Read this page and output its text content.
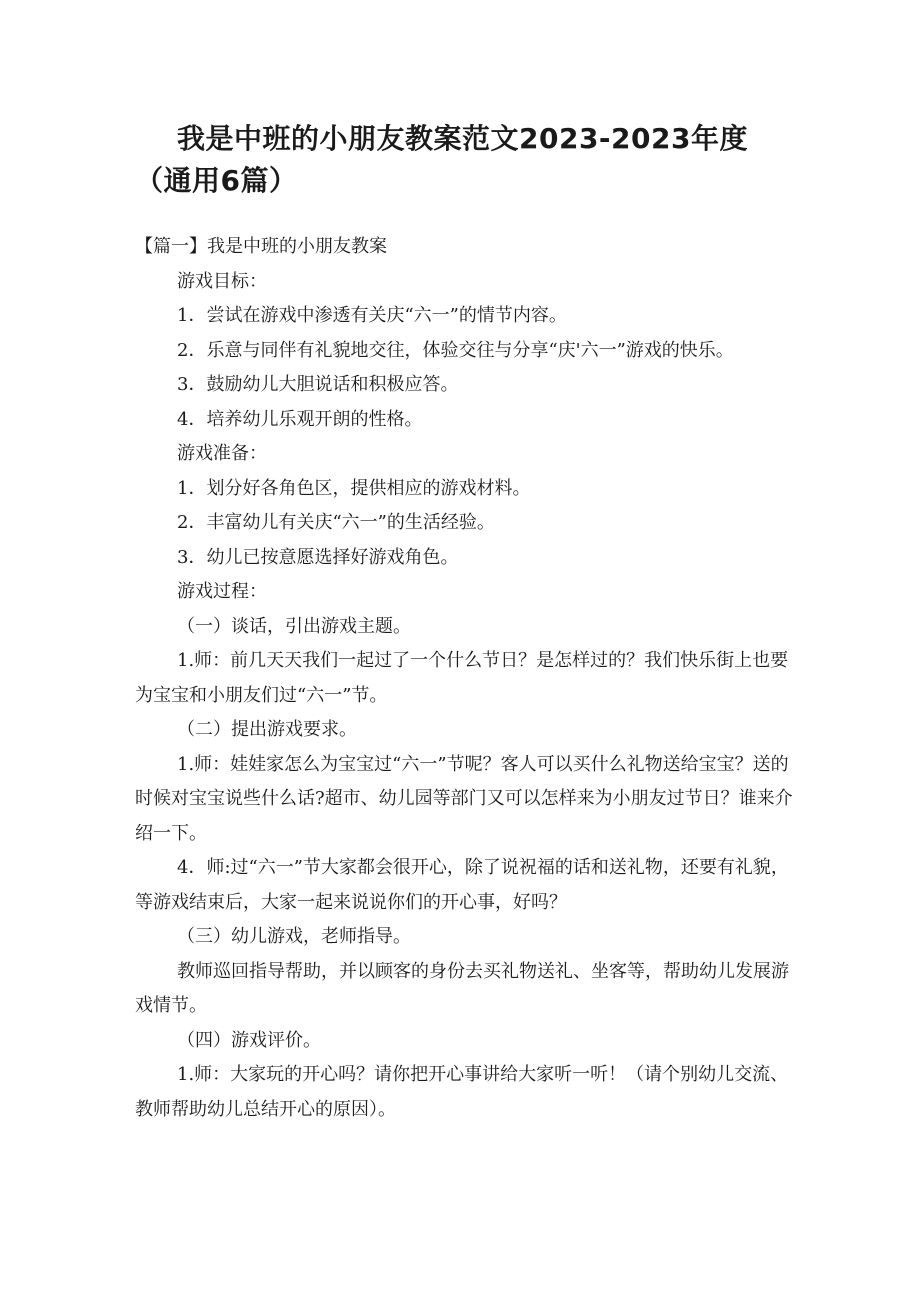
我是中班的小朋友教案范文2023-2023年度（通用6篇）
【篇一】我是中班的小朋友教案
游戏目标：
1．尝试在游戏中渗透有关庆“六一”的情节内容。
2．乐意与同伴有礼貌地交往，体验交往与分享“庆'六一”游戏的快乐。
3．鼓励幼儿大胆说话和积极应答。
4．培养幼儿乐观开朗的性格。
游戏准备：
1．划分好各角色区，提供相应的游戏材料。
2．丰富幼儿有关庆“六一”的生活经验。
3．幼儿已按意愿选择好游戏角色。
游戏过程：
（一）谈话，引出游戏主题。
1.师：前几天天我们一起过了一个什么节日？是怎样过的？我们快乐街上也要为宝宝和小朋友们过“六一”节。
（二）提出游戏要求。
1.师：娃娃家怎么为宝宝过“六一”节呢？客人可以买什么礼物送给宝宝？送的时候对宝宝说些什么话?超市、幼儿园等部门又可以怎样来为小朋友过节日？谁来介绍一下。
4．师:过“六一”节大家都会很开心，除了说祝福的话和送礼物，还要有礼貌，等游戏结束后，大家一起来说说你们的开心事，好吗？
（三）幼儿游戏，老师指导。
教师巡回指导帮助，并以顾客的身份去买礼物送礼、坐客等，帮助幼儿发展游戏情节。
（四）游戏评价。
1.师：大家玩的开心吗？请你把开心事讲给大家听一听！（请个别幼儿交流、教师帮助幼儿总结开心的原因）。
